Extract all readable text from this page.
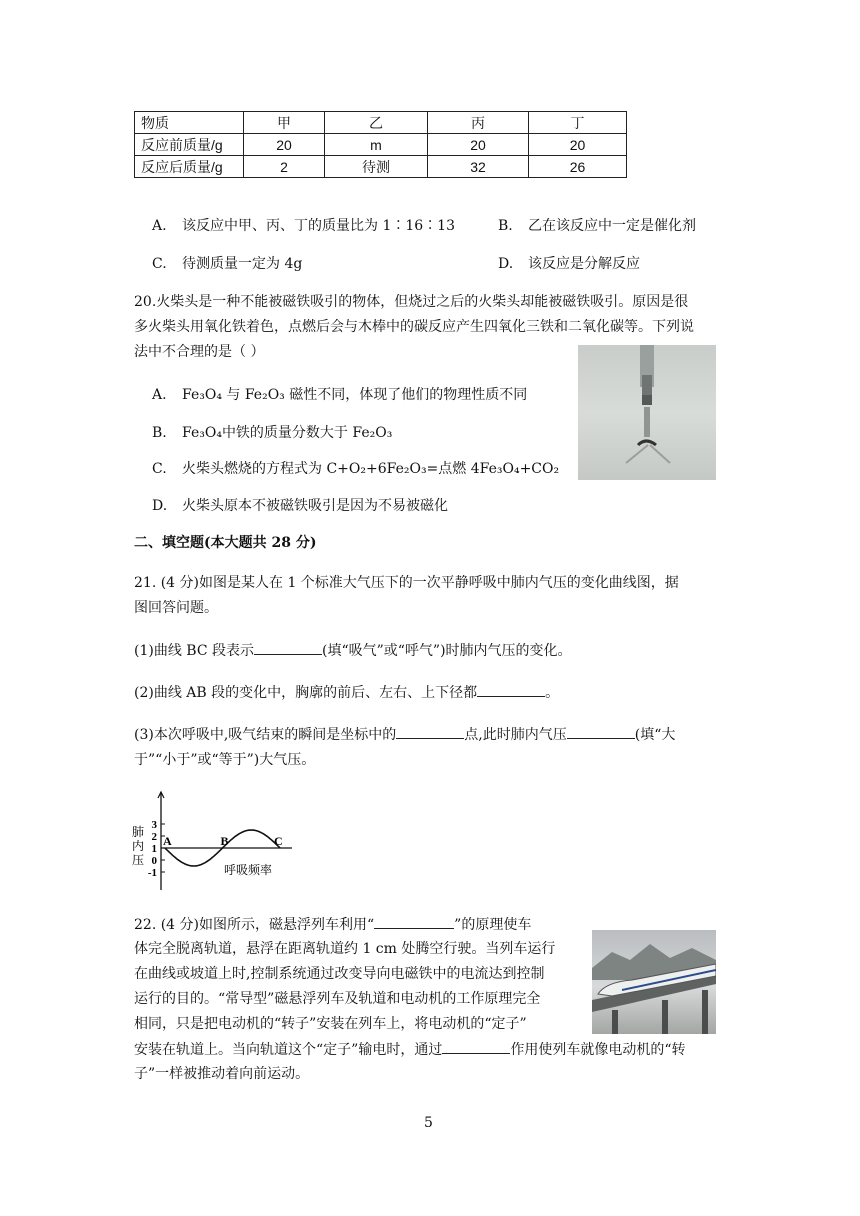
物质	甲	乙	丙	丁
反应前质量/g	20	m	20	20
反应后质量/g	2	待测	32	26
A. 该反应中甲、丙、丁的质量比为 1∶16∶13	B. 乙在该反应中一定是催化剂
C. 待测质量一定为 4g	D. 该反应是分解反应
20.火柴头是一种不能被磁铁吸引的物体，但烧过之后的火柴头却能被磁铁吸引。原因是很
多火柴头用氧化铁着色，点燃后会与木棒中的碳反应产生四氧化三铁和二氧化碳等。下列说
法中不合理的是（ ）
A. Fe₃O₄ 与 Fe₂O₃ 磁性不同，体现了他们的物理性质不同
B. Fe₃O₄中铁的质量分数大于 Fe₂O₃
C. 火柴头燃烧的方程式为 C+O₂+6Fe₂O₃=点燃 4Fe₃O₄+CO₂
D. 火柴头原本不被磁铁吸引是因为不易被磁化
二、填空题(本大题共 28 分)
21. (4 分)如图是某人在 1 个标准大气压下的一次平静呼吸中肺内气压的变化曲线图，据
图回答问题。
(1)曲线 BC 段表示	(填“吸气”或“呼气”)时肺内气压的变化。
(2)曲线 AB 段的变化中，胸廓的前后、左右、上下径都	。
(3)本次呼吸中,吸气结束的瞬间是坐标中的	点,此时肺内气压	(填“大
于”“小于”或“等于”)大气压。
3
2
1
0
-1
肺
内
压
A	B	C
呼吸频率
22. (4 分)如图所示，磁悬浮列车利用“	”的原理使车
体完全脱离轨道，悬浮在距离轨道约 1 cm 处腾空行驶。当列车运行
在曲线或坡道上时,控制系统通过改变导向电磁铁中的电流达到控制
运行的目的。“常导型”磁悬浮列车及轨道和电动机的工作原理完全
相同，只是把电动机的“转子”安装在列车上，将电动机的“定子”
安装在轨道上。当向轨道这个“定子”输电时，通过	作用使列车就像电动机的“转
子”一样被推动着向前运动。
5
